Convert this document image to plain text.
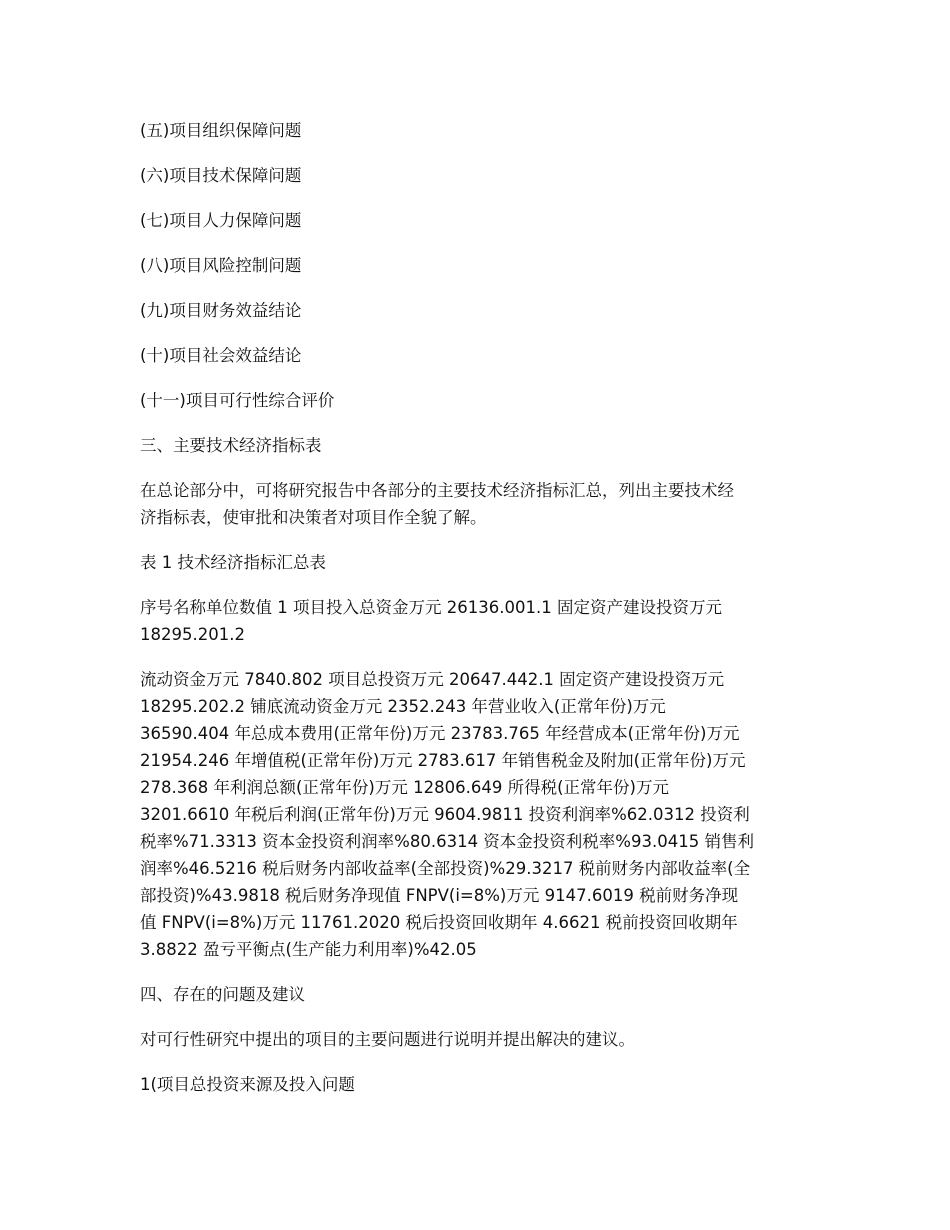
(五)项目组织保障问题

(六)项目技术保障问题

(七)项目人力保障问题

(八)项目风险控制问题

(九)项目财务效益结论

(十)项目社会效益结论

(十一)项目可行性综合评价

三、主要技术经济指标表

在总论部分中，可将研究报告中各部分的主要技术经济指标汇总，列出主要技术经
济指标表，使审批和决策者对项目作全貌了解。

表 1 技术经济指标汇总表

序号名称单位数值 1 项目投入总资金万元 26136.001.1 固定资产建设投资万元
18295.201.2

流动资金万元 7840.802 项目总投资万元 20647.442.1 固定资产建设投资万元
18295.202.2 铺底流动资金万元 2352.243 年营业收入(正常年份)万元
36590.404 年总成本费用(正常年份)万元 23783.765 年经营成本(正常年份)万元
21954.246 年增值税(正常年份)万元 2783.617 年销售税金及附加(正常年份)万元
278.368 年利润总额(正常年份)万元 12806.649 所得税(正常年份)万元
3201.6610 年税后利润(正常年份)万元 9604.9811 投资利润率%62.0312 投资利
税率%71.3313 资本金投资利润率%80.6314 资本金投资利税率%93.0415 销售利
润率%46.5216 税后财务内部收益率(全部投资)%29.3217 税前财务内部收益率(全
部投资)%43.9818 税后财务净现值 FNPV(i=8%)万元 9147.6019 税前财务净现
值 FNPV(i=8%)万元 11761.2020 税后投资回收期年 4.6621 税前投资回收期年
3.8822 盈亏平衡点(生产能力利用率)%42.05

四、存在的问题及建议

对可行性研究中提出的项目的主要问题进行说明并提出解决的建议。

1(项目总投资来源及投入问题
